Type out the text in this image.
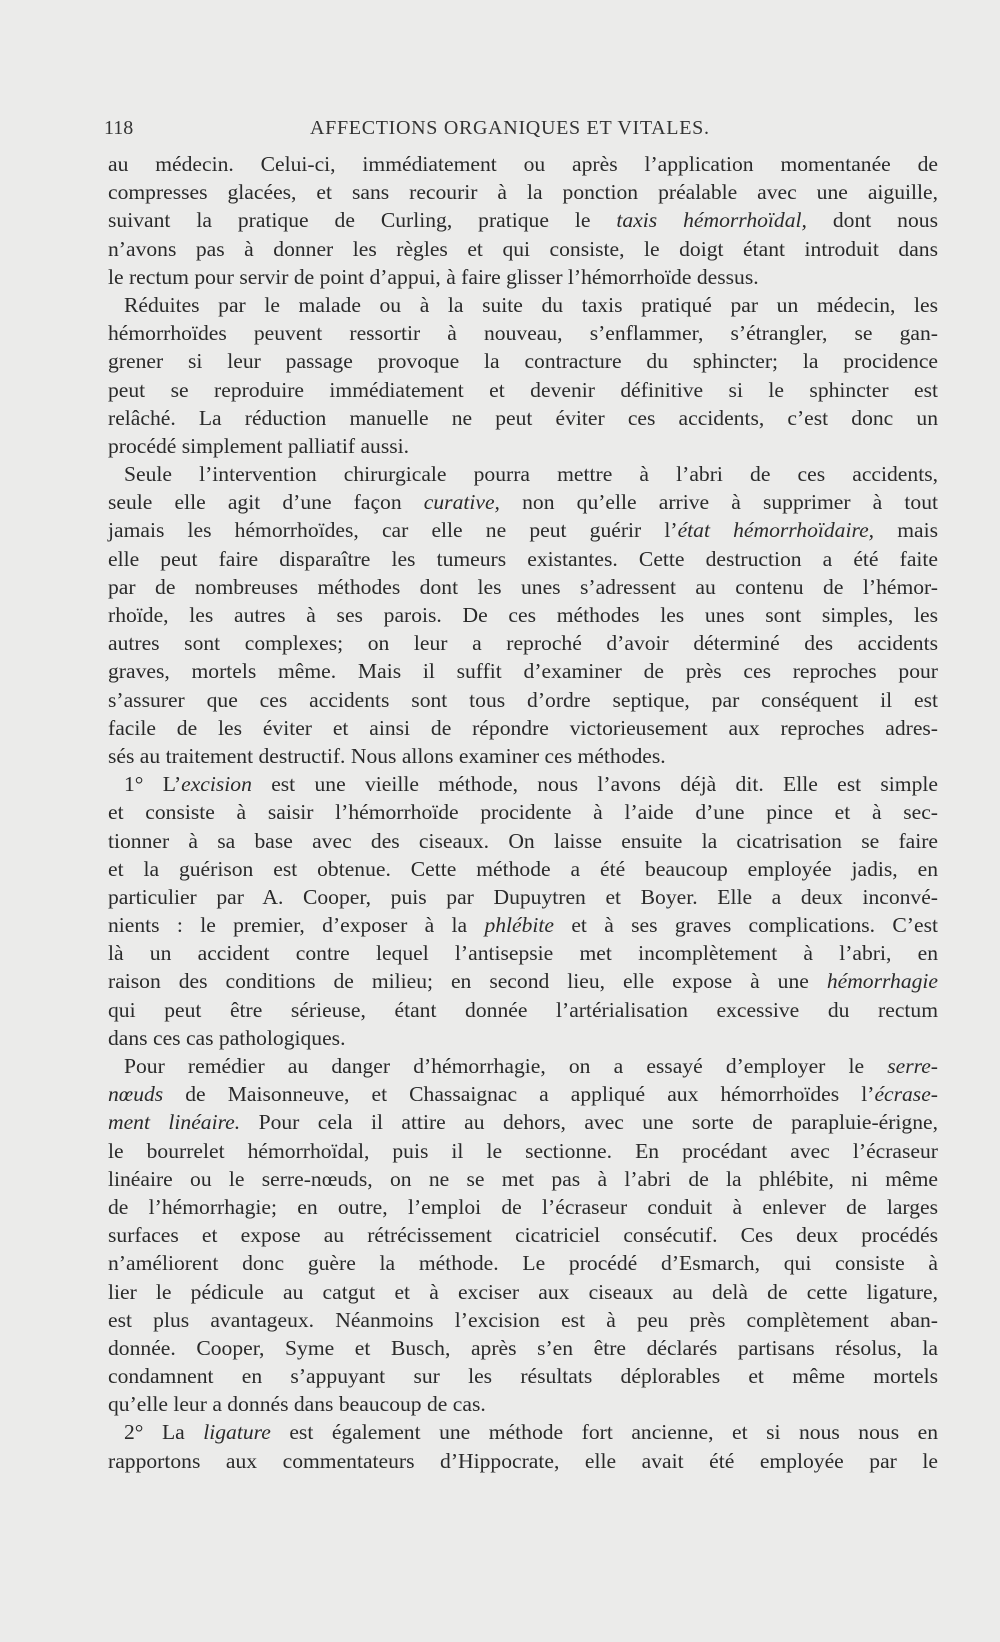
118	AFFECTIONS ORGANIQUES ET VITALES.
au médecin. Celui-ci, immédiatement ou après l’application momentanée de
compresses glacées, et sans recourir à la ponction préalable avec une aiguille,
suivant la pratique de Curling, pratique le taxis hémorrhoïdal, dont nous
n’avons pas à donner les règles et qui consiste, le doigt étant introduit dans
le rectum pour servir de point d’appui, à faire glisser l’hémorrhoïde dessus.
Réduites par le malade ou à la suite du taxis pratiqué par un médecin, les
hémorrhoïdes peuvent ressortir à nouveau, s’enflammer, s’étrangler, se gan-
grener si leur passage provoque la contracture du sphincter; la procidence
peut se reproduire immédiatement et devenir définitive si le sphincter est
relâché. La réduction manuelle ne peut éviter ces accidents, c’est donc un
procédé simplement palliatif aussi.
Seule l’intervention chirurgicale pourra mettre à l’abri de ces accidents,
seule elle agit d’une façon curative, non qu’elle arrive à supprimer à tout
jamais les hémorrhoïdes, car elle ne peut guérir l’état hémorrhoïdaire, mais
elle peut faire disparaître les tumeurs existantes. Cette destruction a été faite
par de nombreuses méthodes dont les unes s’adressent au contenu de l’hémor-
rhoïde, les autres à ses parois. De ces méthodes les unes sont simples, les
autres sont complexes; on leur a reproché d’avoir déterminé des accidents
graves, mortels même. Mais il suffit d’examiner de près ces reproches pour
s’assurer que ces accidents sont tous d’ordre septique, par conséquent il est
facile de les éviter et ainsi de répondre victorieusement aux reproches adres-
sés au traitement destructif. Nous allons examiner ces méthodes.
1° L’excision est une vieille méthode, nous l’avons déjà dit. Elle est simple
et consiste à saisir l’hémorrhoïde procidente à l’aide d’une pince et à sec-
tionner à sa base avec des ciseaux. On laisse ensuite la cicatrisation se faire
et la guérison est obtenue. Cette méthode a été beaucoup employée jadis, en
particulier par A. Cooper, puis par Dupuytren et Boyer. Elle a deux inconvé-
nients : le premier, d’exposer à la phlébite et à ses graves complications. C’est
là un accident contre lequel l’antisepsie met incomplètement à l’abri, en
raison des conditions de milieu; en second lieu, elle expose à une hémorrhagie
qui peut être sérieuse, étant donnée l’artérialisation excessive du rectum
dans ces cas pathologiques.
Pour remédier au danger d’hémorrhagie, on a essayé d’employer le serre-
nœuds de Maisonneuve, et Chassaignac a appliqué aux hémorrhoïdes l’écrase-
ment linéaire. Pour cela il attire au dehors, avec une sorte de parapluie-érigne,
le bourrelet hémorrhoïdal, puis il le sectionne. En procédant avec l’écraseur
linéaire ou le serre-nœuds, on ne se met pas à l’abri de la phlébite, ni même
de l’hémorrhagie; en outre, l’emploi de l’écraseur conduit à enlever de larges
surfaces et expose au rétrécissement cicatriciel consécutif. Ces deux procédés
n’améliorent donc guère la méthode. Le procédé d’Esmarch, qui consiste à
lier le pédicule au catgut et à exciser aux ciseaux au delà de cette ligature,
est plus avantageux. Néanmoins l’excision est à peu près complètement aban-
donnée. Cooper, Syme et Busch, après s’en être déclarés partisans résolus, la
condamnent en s’appuyant sur les résultats déplorables et même mortels
qu’elle leur a donnés dans beaucoup de cas.
2° La ligature est également une méthode fort ancienne, et si nous nous en
rapportons aux commentateurs d’Hippocrate, elle avait été employée par le
